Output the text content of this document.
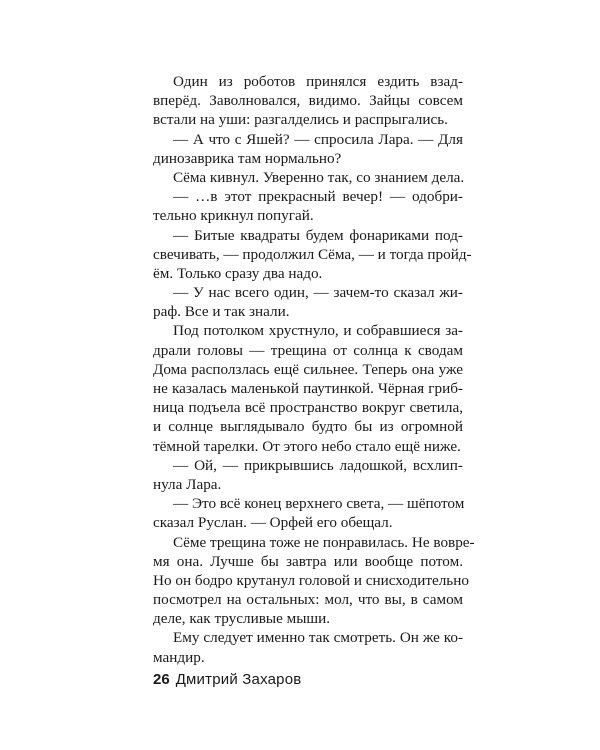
Один из роботов принялся ездить взад-
вперёд. Заволновался, видимо. Зайцы совсем
встали на уши: разгалделись и распрыгались.
— А что с Яшей? — спросила Лара. — Для
динозаврика там нормально?
Сёма кивнул. Уверенно так, со знанием дела.
— …в этот прекрасный вечер! — одобри-
тельно крикнул попугай.
— Битые квадраты будем фонариками под-
свечивать, — продолжил Сёма, — и тогда пройд-
ём. Только сразу два надо.
— У нас всего один, — зачем-то сказал жи-
раф. Все и так знали.
Под потолком хрустнуло, и собравшиеся за-
драли головы — трещина от солнца к сводам
Дома расползлась ещё сильнее. Теперь она уже
не казалась маленькой паутинкой. Чёрная гриб-
ница подъела всё пространство вокруг светила,
и солнце выглядывало будто бы из огромной
тёмной тарелки. От этого небо стало ещё ниже.
— Ой, — прикрывшись ладошкой, всхлип-
нула Лара.
— Это всё конец верхнего света, — шёпотом
сказал Руслан. — Орфей его обещал.
Сёме трещина тоже не понравилась. Не вовре-
мя она. Лучше бы завтра или вообще потом.
Но он бодро крутанул головой и снисходительно
посмотрел на остальных: мол, что вы, в самом
деле, как трусливые мыши.
Ему следует именно так смотреть. Он же ко-
мандир.
26 Дмитрий Захаров
